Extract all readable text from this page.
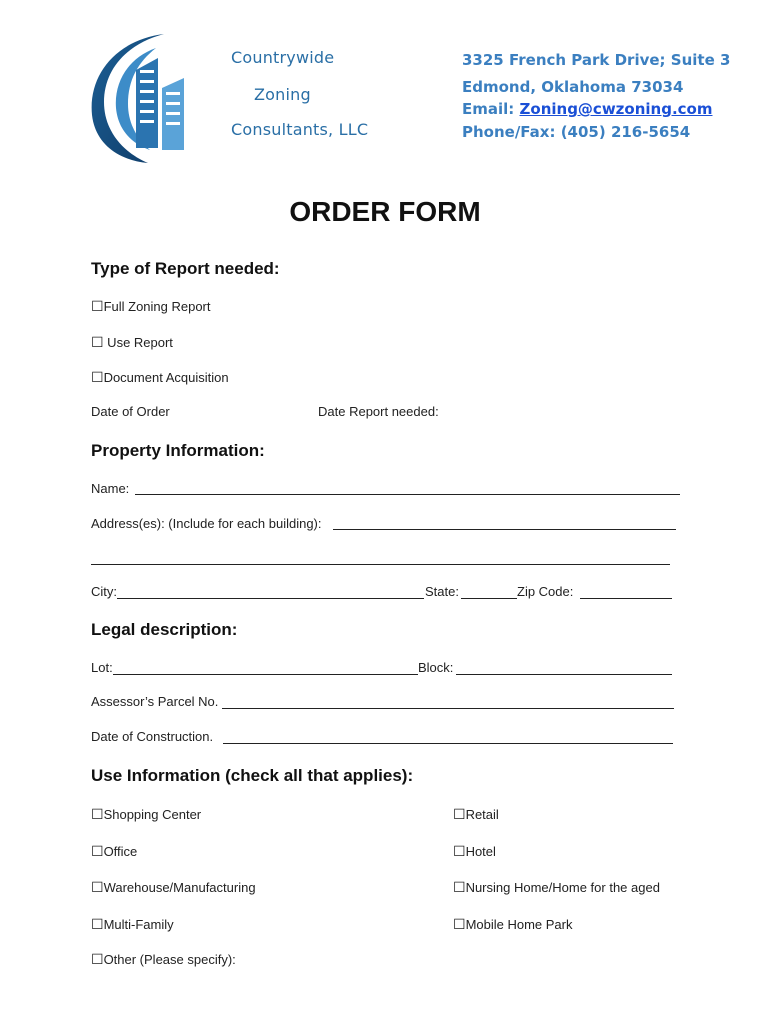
Countrywide
Zoning
Consultants, LLC
3325 French Park Drive; Suite 3
Edmond, Oklahoma 73034
Email: Zoning@cwzoning.com
Phone/Fax: (405) 216-5654
ORDER FORM
Type of Report needed:
☐Full Zoning Report
☐ Use Report
☐Document Acquisition
Date of Order	Date Report needed:
Property Information:
Name:
Address(es): (Include for each building):
City:	State:	Zip Code:
Legal description:
Lot:	Block:
Assessor’s Parcel No.
Date of Construction.
Use Information (check all that applies):
☐Shopping Center	☐Retail
☐Office	☐Hotel
☐Warehouse/Manufacturing	☐Nursing Home/Home for the aged
☐Multi-Family	☐Mobile Home Park
☐Other (Please specify):
